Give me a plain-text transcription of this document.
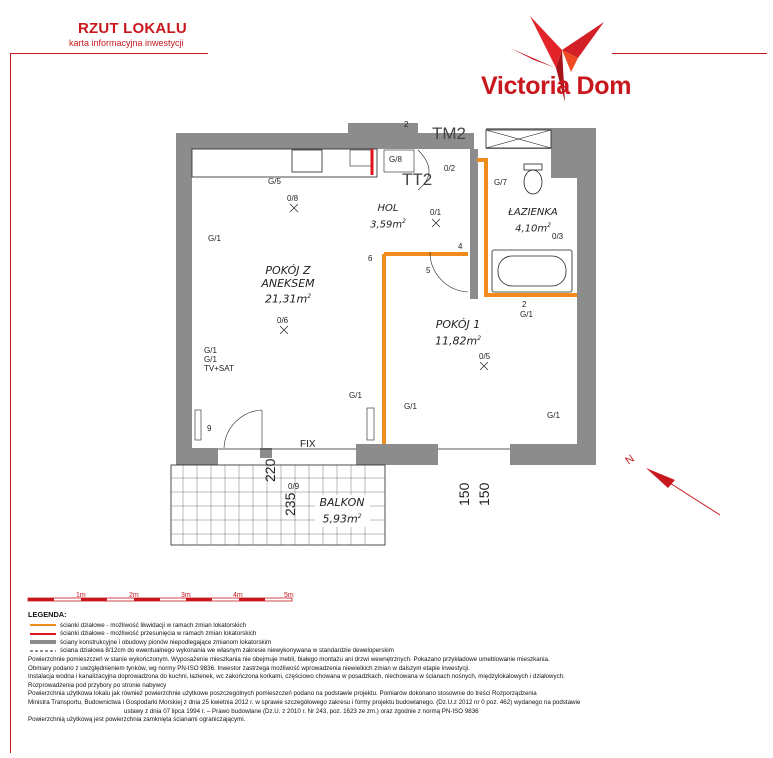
RZUT LOKALU
karta informacyjna inwestycji
Victoria Dom
2 TM2
TT2
G/5
G/8
0/2
G/7
0/8
0/1
0/3
4
6
5
2
G/1
G/1
0/6
G/1
G/1
TV+SAT
0/5
G/1
G/1
G/1
9
FIX
0/9
220
235	150 150
N
POKÓJ Z
ANEKSEM
$21,31m^2$
HOL
$3,59m^2$
ŁAZIENKA
$4,10m^2$
POKÓJ 1
$11,82m^2$
BALKON
$5,93m^2$
1m	2m	3m	4m	5m
LEGENDA:
ścianki działowe - możliwość likwidacji w ramach zmian lokatorskich
ścianki działowe - możliwość przesunięcia w ramach zmian lokatorskich
ściany konstrukcyjne i obudowy pionów niepodlegające zmianom lokatorskim
ściana działowa 8/12cm do ewentualnego wykonania we własnym zakresie niewykonywana w standardzie deweloperskim
Powierzchnie pomieszczeń w stanie wykończonym. Wyposażenie mieszkania nie obejmuje mebli, białego montażu ani drzwi wewnętrznych. Pokazano przykładowe umeblowanie mieszkania.
Obmiary podano z uwzględnieniem tynków, wg normy PN-ISO 9836. Inwestor zastrzega możliwość wprowadzenia niewielkich zmian w dalszym etapie inwestycji.
Instalacja wodna i kanalizacyjna doprowadzona do kuchni, łazienek, wc zakończona korkami, częściowo chowana w posadzkach, niechowana w ścianach nośnych, międzylokalowych i działowych.
Rozprowadzenia pod przybory po stronie nabywcy
Powierzchnia użytkowa lokalu jak również powierzchnie użytkowe poszczególnych pomieszczeń podano na podstawie projektu. Pomiarów dokonano stosownie do treści Rozporządzenia
Ministra Transportu, Budownictwa i Gospodarki Morskiej z dnia 25 kwietnia 2012 r. w sprawie szczegółowego zakresu i formy projektu budowlanego. (Dz.U.z 2012 nr 0 poz. 462) wydanego na podstawie
ustawy z dnia 07 lipca 1994 r. – Prawo budowlane (Dz.U. z 2010 r. Nr 243, poz. 1623 ze zm.) oraz zgodnie z normą PN-ISO 9836
Powierzchnią użytkową jest powierzchnia zamknięta ścianami ograniczającymi.
